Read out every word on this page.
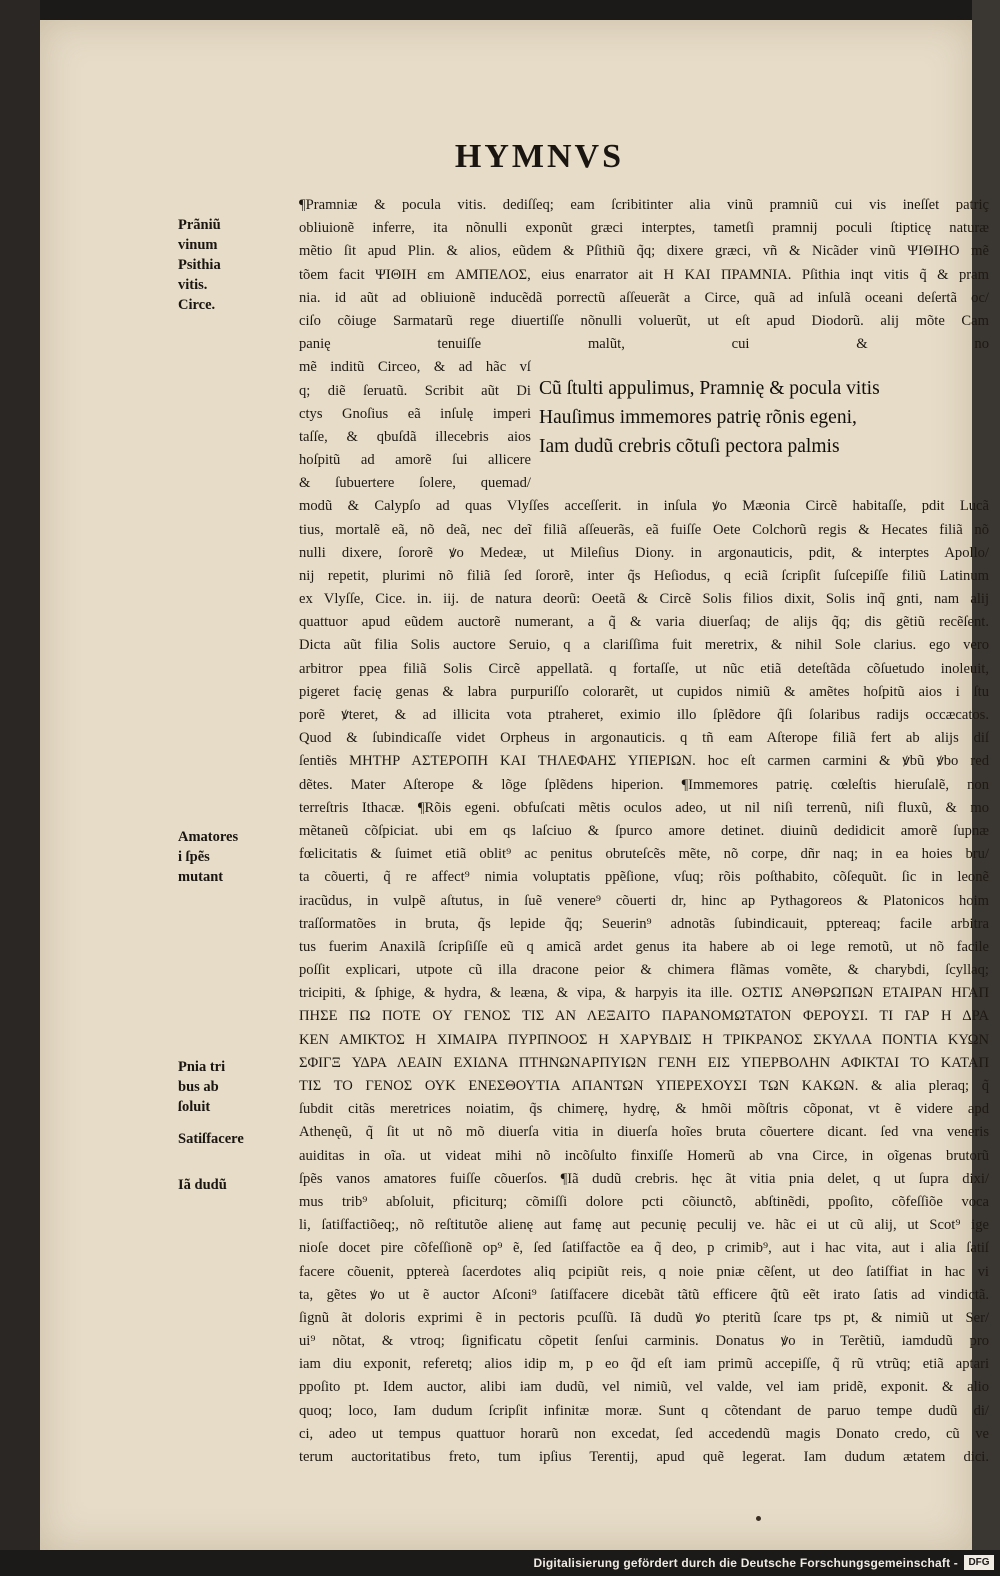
HYMNVS
Prãniũ
vinum
Psithia
vitis.
Circe.
Amatores
i ſpẽs
mutant
Pnia tri
bus ab
ſoluit
Satiſfacere
Iã dudũ
¶Pramniæ & pocula vitis. dediſſeq; eam ſcribitinter alia vinũ pramniũ cui vis ineſſet patriç
obliuionẽ inferre, ita nõnulli exponũt græci interptes, tametſi pramnij poculi ſtipticę naturæ
mẽtio ſit apud Plin. & alios, eũdem & Pſithiũ q̃q; dixere græci, vñ & Nicãder vinũ ΨΙΘΙΗΟ mẽ
tõem facit ΨΙΘΙΗ εm ΑΜΠΕΛΟΣ, eius enarrator ait Η ΚΑΙ ΠΡΑΜΝΙΑ. Pſithia inqt vitis q̃ & pram
nia. id aũt ad obliuionẽ inducẽdã porrectũ aſſeuerãt a Circe, quã ad inſulã oceani deſertã oc/
ciſo cõiuge Sarmatarũ rege diuertiſſe nõnulli voluerũt, ut eſt apud Diodorũ. alij mõte Cam
panię tenuiſſe malũt, cui & no
mẽ inditũ Circeo, & ad hãc vſ
q; diẽ ſeruatũ. Scribit aũt Di
ctys Gnoſius eã inſulę imperi
taſſe, & qbuſdã illecebris aios
hoſpitũ ad amorẽ ſui allicere
& ſubuertere ſolere, quemad/
Cũ ſtulti appulimus, Pramnię & pocula vitis
Hauſimus immemores patrię rõnis egeni,
Iam dudũ crebris cõtuſi pectora palmis
modũ & Calypſo ad quas Vlyſſes acceſſerit. in inſula ꝟo Mæonia Circẽ habitaſſe, pdit Lucã
tius, mortalẽ eã, nõ deã, nec deĩ filiã aſſeuerãs, eã fuiſſe Oete Colchorũ regis & Hecates filiã nõ
nulli dixere, ſororẽ ꝟo Medeæ, ut Mileſius Diony. in argonauticis, pdit, & interptes Apollo/
nij repetit, plurimi nõ filiã ſed ſororẽ, inter q̃s Heſiodus, q eciã ſcripſit ſuſcepiſſe filiũ Latinum
ex Vlyſſe, Cice. in. iij. de natura deorũ: Oeetã & Circẽ Solis filios dixit, Solis inq̃ gnti, nam alij
quattuor apud eũdem auctorẽ numerant, a q̃ & varia diuerſaq; de alijs q̃q; dis gẽtiũ recẽſent.
Dicta aũt filia Solis auctore Seruio, q a clariſſima fuit meretrix, & nihil Sole clarius. ego vero
arbitror ppea filiã Solis Circẽ appellatã. q fortaſſe, ut nũc etiã deteſtãda cõſuetudo inoleuit,
pigeret facię genas & labra purpuriſſo colorarẽt, ut cupidos nimiũ & amẽtes hoſpitũ aios i ſtu
porẽ ꝟteret, & ad illicita vota ptraheret, eximio illo ſplẽdore q̃ſi ſolaribus radijs occæcatos.
Quod & ſubindicaſſe videt Orpheus in argonauticis. q tñ eam Aſterope filiã fert ab alijs diſ
ſentiẽs ΜΗΤΗΡ ΑΣΤΕΡΟΠΗ ΚΑΙ ΤΗΛΕΦΑΗΣ ΥΠΕΡΙΩΝ. hoc eſt carmen carmini & ꝟbũ ꝟbo red
dẽtes. Mater Aſterope & lõge ſplẽdens hiperion. ¶Immemores patrię. cœleſtis hieruſalẽ, non
terreſtris Ithacæ. ¶Rõis egeni. obfuſcati mẽtis oculos adeo, ut nil niſi terrenũ, niſi fluxũ, & mo
mẽtaneũ cõſpiciat. ubi em qs laſciuo & ſpurco amore detinet. diuinũ dedidicit amorẽ ſupnæ
fœlicitatis & ſuimet etiã oblit⁹ ac penitus obruteſcẽs mẽte, nõ corpe, dñr naq; in ea hoies bru/
ta cõuerti, q̃ re affect⁹ nimia voluptatis ppẽſione, vſuq; rõis poſthabito, cõſequũt. ſic in leonẽ
iracũdus, in vulpẽ aſtutus, in ſuẽ venere⁹ cõuerti dr, hinc ap Pythagoreos & Platonicos hoim
traſſormatões in bruta, q̃s lepide q̃q; Seuerin⁹ adnotãs ſubindicauit, pptereaq; facile arbitra
tus fuerim Anaxilã ſcripſiſſe eũ q amicã ardet genus ita habere ab oi lege remotũ, ut nõ facile
poſſit explicari, utpote cũ illa dracone peior & chimera flãmas vomẽte, & charybdi, ſcyllaq;
tricipiti, & ſphige, & hydra, & leæna, & vipa, & harpyis ita ille. ΟΣΤΙΣ ΑΝΘΡΩΠΩΝ ΕΤΑΙΡΑΝ ΗΓΑΠ
ΠΗΣΕ ΠΩ ΠΟΤΕ ΟΥ ΓΕΝΟΣ ΤΙΣ ΑΝ ΛΕΞΑΙΤΟ ΠΑΡΑΝΟΜΩΤΑΤΟΝ ΦΕΡΟΥΣΙ. ΤΙ ΓΑΡ Η ΔΡΑ
ΚΕΝ ΑΜΙΚΤΟΣ Η ΧΙΜΑΙΡΑ ΠΥΡΠΝΟΟΣ Η ΧΑΡΥΒΔΙΣ Η ΤΡΙΚΡΑΝΟΣ ΣΚΥΛΛΑ ΠΟΝΤΙΑ ΚΥΩΝ
ΣΦΙΓΞ ΥΔΡΑ ΛΕΑΙΝ ΕΧΙΔΝΑ ΠΤΗΝΩΝΑΡΠΥΙΩΝ ΓΕΝΗ ΕΙΣ ΥΠΕΡΒΟΛΗΝ ΑΦΙΚΤΑΙ ΤΟ ΚΑΤΑΠ
ΤΙΣ ΤΟ ΓΕΝΟΣ ΟΥΚ ΕΝΕΣΘΟΥΤΙΑ ΑΠΑΝΤΩΝ ΥΠΕΡΕΧΟΥΣΙ ΤΩΝ ΚΑΚΩΝ. & alia pleraq; q̃
ſubdit citãs meretrices noiatim, q̃s chimerę, hydrę, & hmõi mõſtris cõponat, vt ẽ videre apd
Athenęũ, q̃ ſit ut nõ mõ diuerſa vitia in diuerſa hoĩes bruta cõuertere dicant. ſed vna veneris
auiditas in oĩa. ut videat mihi nõ incõſulto finxiſſe Homerũ ab vna Circe, in oĩgenas brutorũ
ſpẽs vanos amatores fuiſſe cõuerſos. ¶Iã dudũ crebris. hęc ãt vitia pnia delet, q ut ſupra dixi/
mus trib⁹ abſoluit, pficiturq; cõmiſſi dolore pcti cõiunctõ, abſtinẽdi, ppoſito, cõfeſſiõe voca
li, ſatiſfactiõeq;, nõ reſtitutõe alienę aut famę aut pecunię peculij ve. hãc ei ut cũ alij, ut Scot⁹ ige
nioſe docet pire cõfeſſionẽ op⁹ ẽ, ſed ſatiſfactõe ea q̃ deo, p crimib⁹, aut i hac vita, aut i alia ſatiſ
facere cõuenit, pptereà ſacerdotes aliq pcipiũt reis, q noie pniæ cẽſent, ut deo ſatiſfiat in hac vi
ta, gẽtes ꝟo ut ẽ auctor Aſconi⁹ ſatiſfacere dicebãt tãtũ efficere q̃tũ eẽt irato ſatis ad vindictã.
ſignũ ãt doloris exprimi ẽ in pectoris pcuſſũ. Iã dudũ ꝟo pteritũ ſcare tps pt, & nimiũ ut Ser/
ui⁹ nõtat, & vtroq; ſignificatu cõpetit ſenſui carminis. Donatus ꝟo in Terẽtiũ, iamdudũ pro
iam diu exponit, referetq; alios idip m, p eo q̃d eſt iam primũ accepiſſe, q̃ rũ vtrũq; etiã aptari
ppoſito pt. Idem auctor, alibi iam dudũ, vel nimiũ, vel valde, vel iam pridẽ, exponit. & alio
quoq; loco, Iam dudum ſcripſit infinitæ moræ. Sunt q cõtendant de paruo tempe dudũ di/
ci, adeo ut tempus quattuor horarũ non excedat, ſed accedendũ magis Donato credo, cũ ve
terum auctoritatibus freto, tum ipſius Terentij, apud quẽ legerat. Iam dudum ætatem dici.
Digitalisierung gefördert durch die Deutsche Forschungsgemeinschaft -	DFG
